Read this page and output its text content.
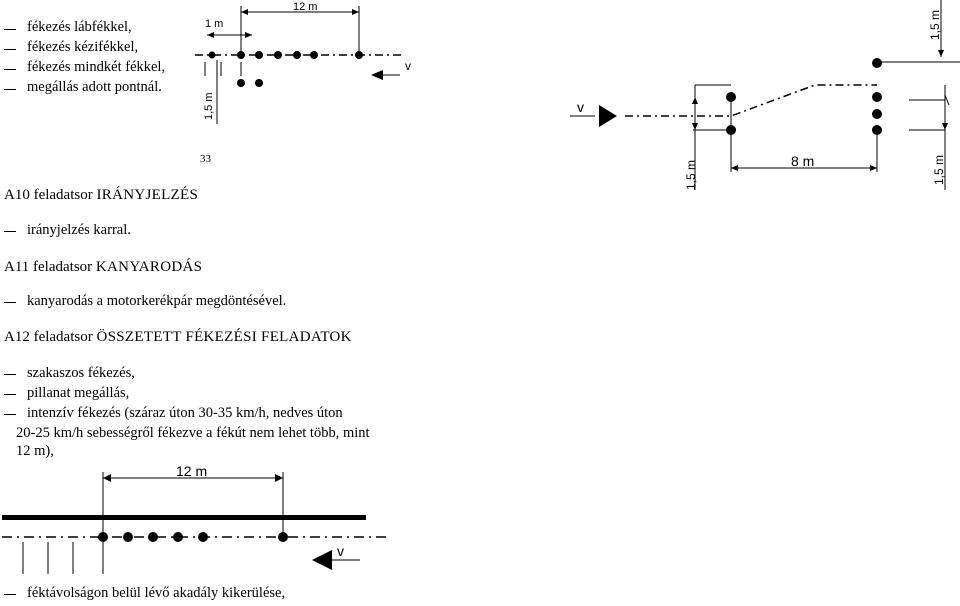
fékezés lábfékkel,
fékezés kézifékkel,
fékezés mindkét fékkel,
megállás adott pontnál.
1 m
12 m
1,5 m
v
1,5 m
v
1,5 m	8 m	1,5 m
33
A10 feladatsor IRÁNYJELZÉS
irányjelzés karral.
A11 feladatsor KANYARODÁS
kanyarodás a motorkerékpár megdöntésével.
A12 feladatsor ÖSSZETETT FÉKEZÉSI FELADATOK
szakaszos fékezés,
pillanat megállás,
intenzív fékezés (száraz úton 30-35 km/h, nedves úton
20-25 km/h sebességről fékezve a fékút nem lehet több, mint
12 m),
12 m
v
féktávolságon belül lévő akadály kikerülése,
